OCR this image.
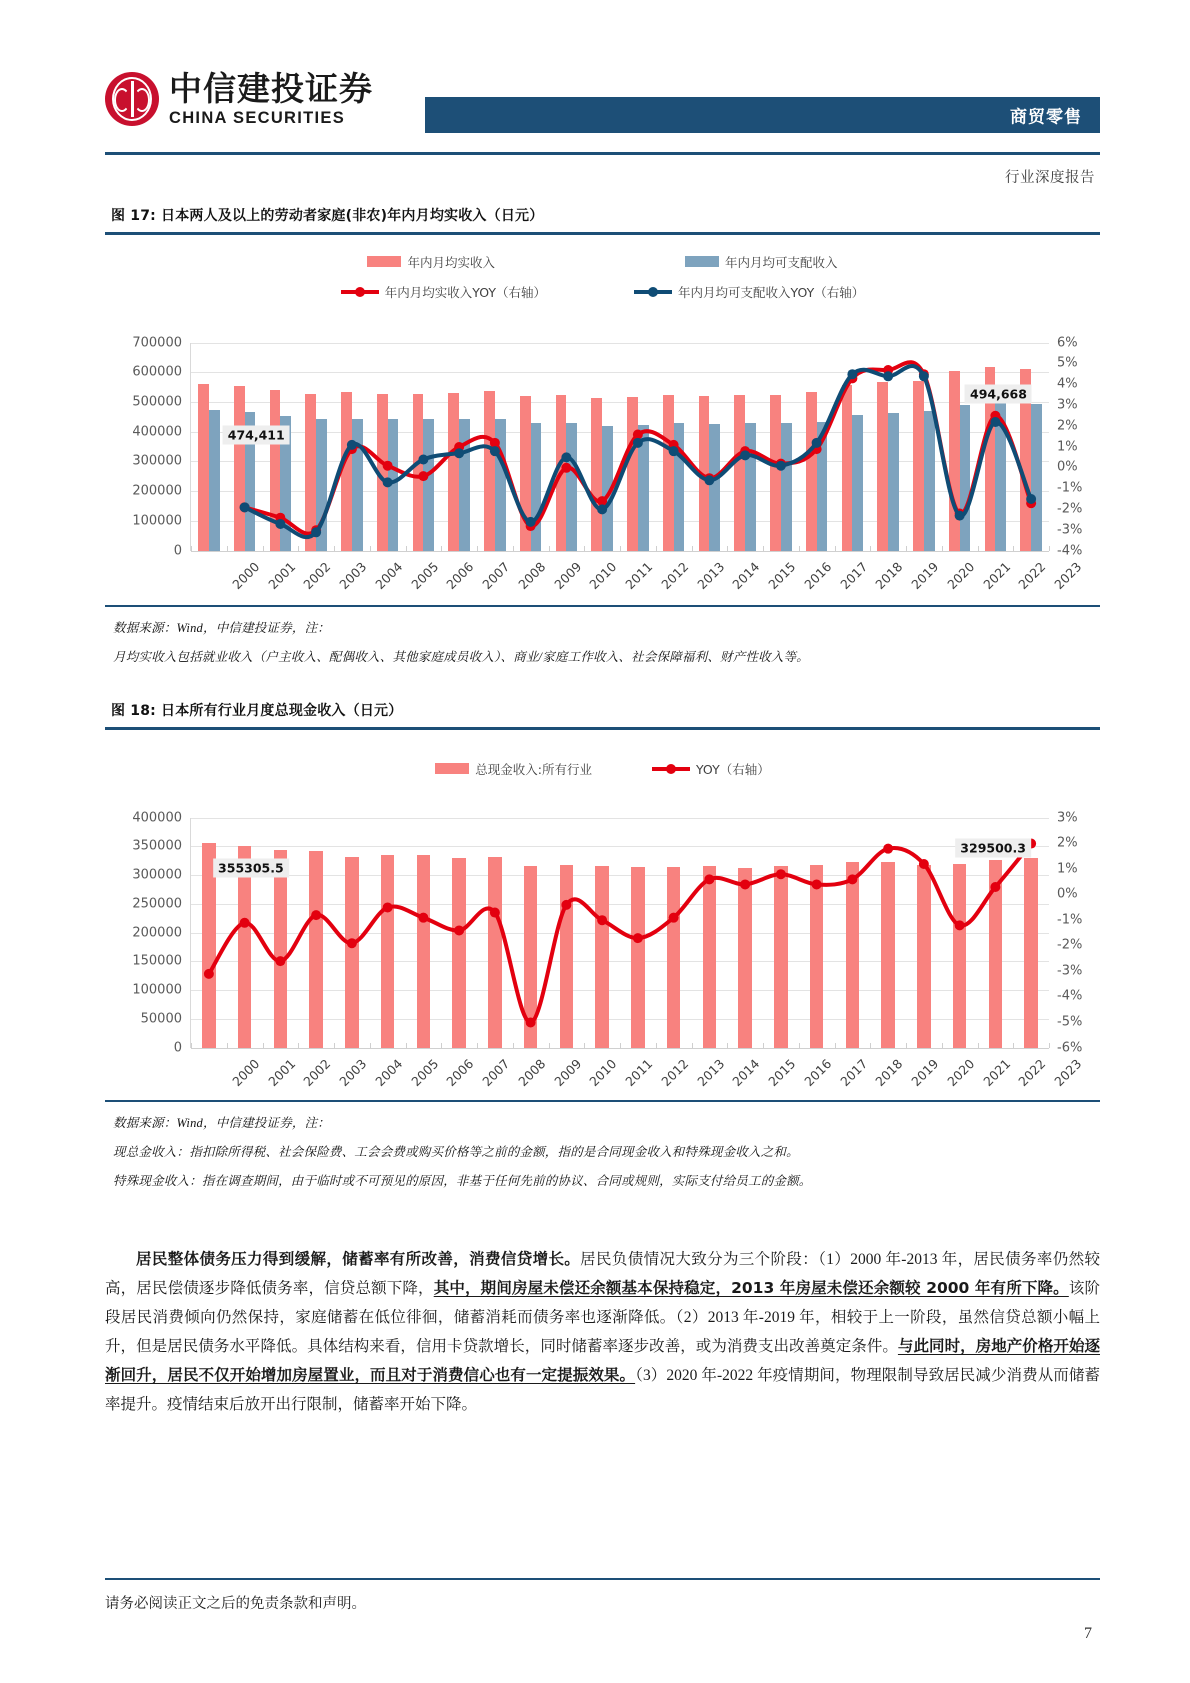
中信建投证券
CHINA SECURITIES	商贸零售
行业深度报告
图 17: 日本两人及以上的劳动者家庭(非农)年内月均实收入（日元）
年内月均实收入	年内月均可支配收入
年内月均实收入YOY（右轴）	年内月均可支配收入YOY（右轴）
700000
600000
500000
400000
300000
200000
100000
0
6%
5%
4%
3%
2%
1%
0%
-1%
-2%
-3%
-4%
474,411
494,668
2000 2001 2002 2003 2004 2005 2006 2007 2008 2009 2010 2011 2012 2013 2014 2015 2016 2017 2018 2019 2020 2021 2022 2023
数据来源：Wind，中信建投证券，注：
月均实收入包括就业收入（户主收入、配偶收入、其他家庭成员收入）、商业/家庭工作收入、社会保障福利、财产性收入等。
图 18: 日本所有行业月度总现金收入（日元）
总现金收入:所有行业	YOY（右轴）
400000
350000
300000
250000
200000
150000
100000
50000
0
3%
2%
1%
0%
-1%
-2%
-3%
-4%
-5%
-6%
355305.5
329500.3
2000 2001 2002 2003 2004 2005 2006 2007 2008 2009 2010 2011 2012 2013 2014 2015 2016 2017 2018 2019 2020 2021 2022 2023
数据来源：Wind，中信建投证券，注：
现总金收入：指扣除所得税、社会保险费、工会会费或购买价格等之前的金额，指的是合同现金收入和特殊现金收入之和。
特殊现金收入：指在调查期间，由于临时或不可预见的原因，非基于任何先前的协议、合同或规则，实际支付给员工的金额。
居民整体债务压力得到缓解，储蓄率有所改善，消费信贷增长。居民负债情况大致分为三个阶段：（1）2000 年-2013 年，居民债务率仍然较高，居民偿债逐步降低债务率，信贷总额下降，其中，期间房屋未偿还余额基本保持稳定，2013 年房屋未偿还余额较 2000 年有所下降。该阶段居民消费倾向仍然保持，家庭储蓄在低位徘徊，储蓄消耗而债务率也逐渐降低。（2）2013 年-2019 年，相较于上一阶段，虽然信贷总额小幅上升，但是居民债务水平降低。具体结构来看，信用卡贷款增长，同时储蓄率逐步改善，或为消费支出改善奠定条件。与此同时，房地产价格开始逐渐回升，居民不仅开始增加房屋置业，而且对于消费信心也有一定提振效果。（3）2020 年-2022 年疫情期间，物理限制导致居民减少消费从而储蓄率提升。疫情结束后放开出行限制，储蓄率开始下降。
请务必阅读正文之后的免责条款和声明。
7
